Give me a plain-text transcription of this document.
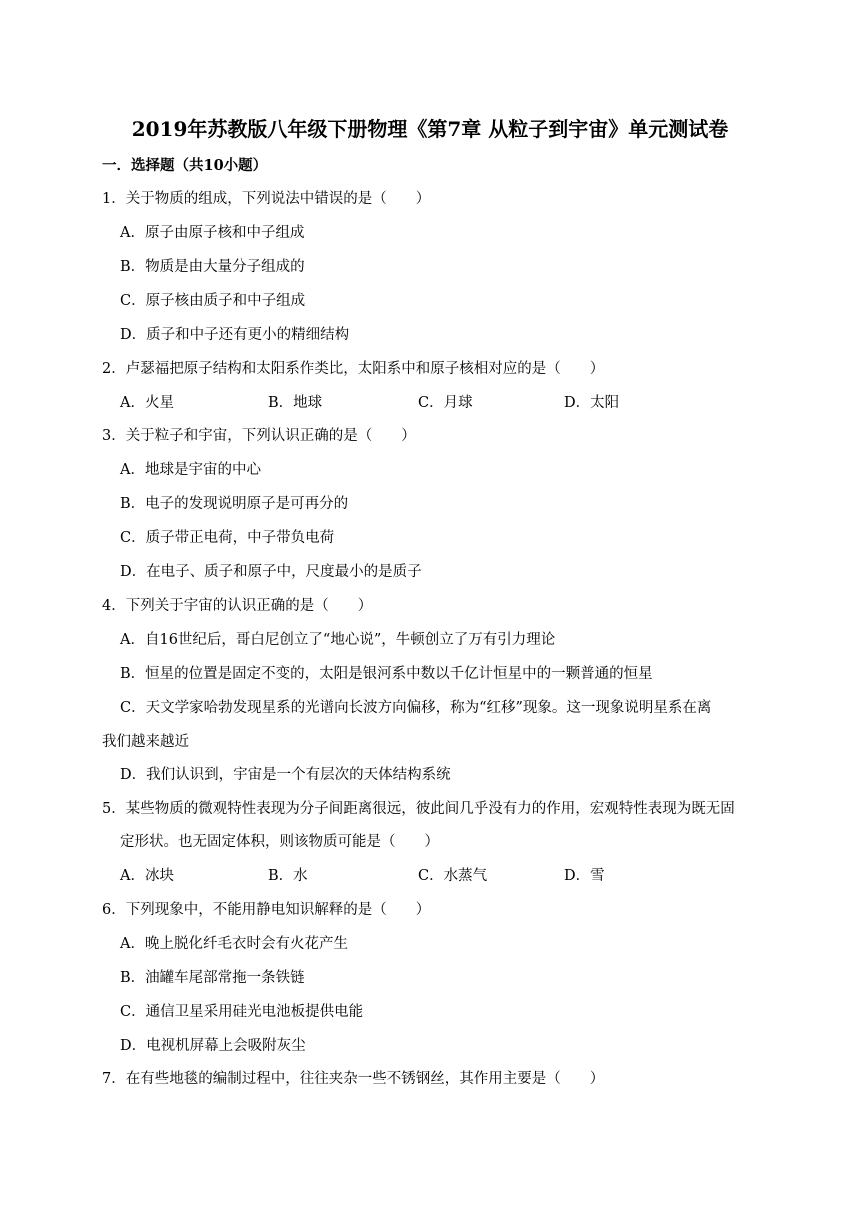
2019年苏教版八年级下册物理《第7章 从粒子到宇宙》单元测试卷
一．选择题（共10小题）
1．关于物质的组成，下列说法中错误的是（　　）
A．原子由原子核和中子组成
B．物质是由大量分子组成的
C．原子核由质子和中子组成
D．质子和中子还有更小的精细结构
2．卢瑟福把原子结构和太阳系作类比，太阳系中和原子核相对应的是（　　）
A．火星	B．地球	C．月球	D．太阳
3．关于粒子和宇宙，下列认识正确的是（　　）
A．地球是宇宙的中心
B．电子的发现说明原子是可再分的
C．质子带正电荷，中子带负电荷
D．在电子、质子和原子中，尺度最小的是质子
4．下列关于宇宙的认识正确的是（　　）
A．自16世纪后，哥白尼创立了“地心说”，牛顿创立了万有引力理论
B．恒星的位置是固定不变的，太阳是银河系中数以千亿计恒星中的一颗普通的恒星
C．天文学家哈勃发现星系的光谱向长波方向偏移，称为“红移”现象。这一现象说明星系在离
我们越来越近
D．我们认识到，宇宙是一个有层次的天体结构系统
5．某些物质的微观特性表现为分子间距离很远，彼此间几乎没有力的作用，宏观特性表现为既无固
定形状。也无固定体积，则该物质可能是（　　）
A．冰块	B．水	C．水蒸气	D．雪
6．下列现象中，不能用静电知识解释的是（　　）
A．晚上脱化纤毛衣时会有火花产生
B．油罐车尾部常拖一条铁链
C．通信卫星采用硅光电池板提供电能
D．电视机屏幕上会吸附灰尘
7．在有些地毯的编制过程中，往往夹杂一些不锈钢丝，其作用主要是（　　）
